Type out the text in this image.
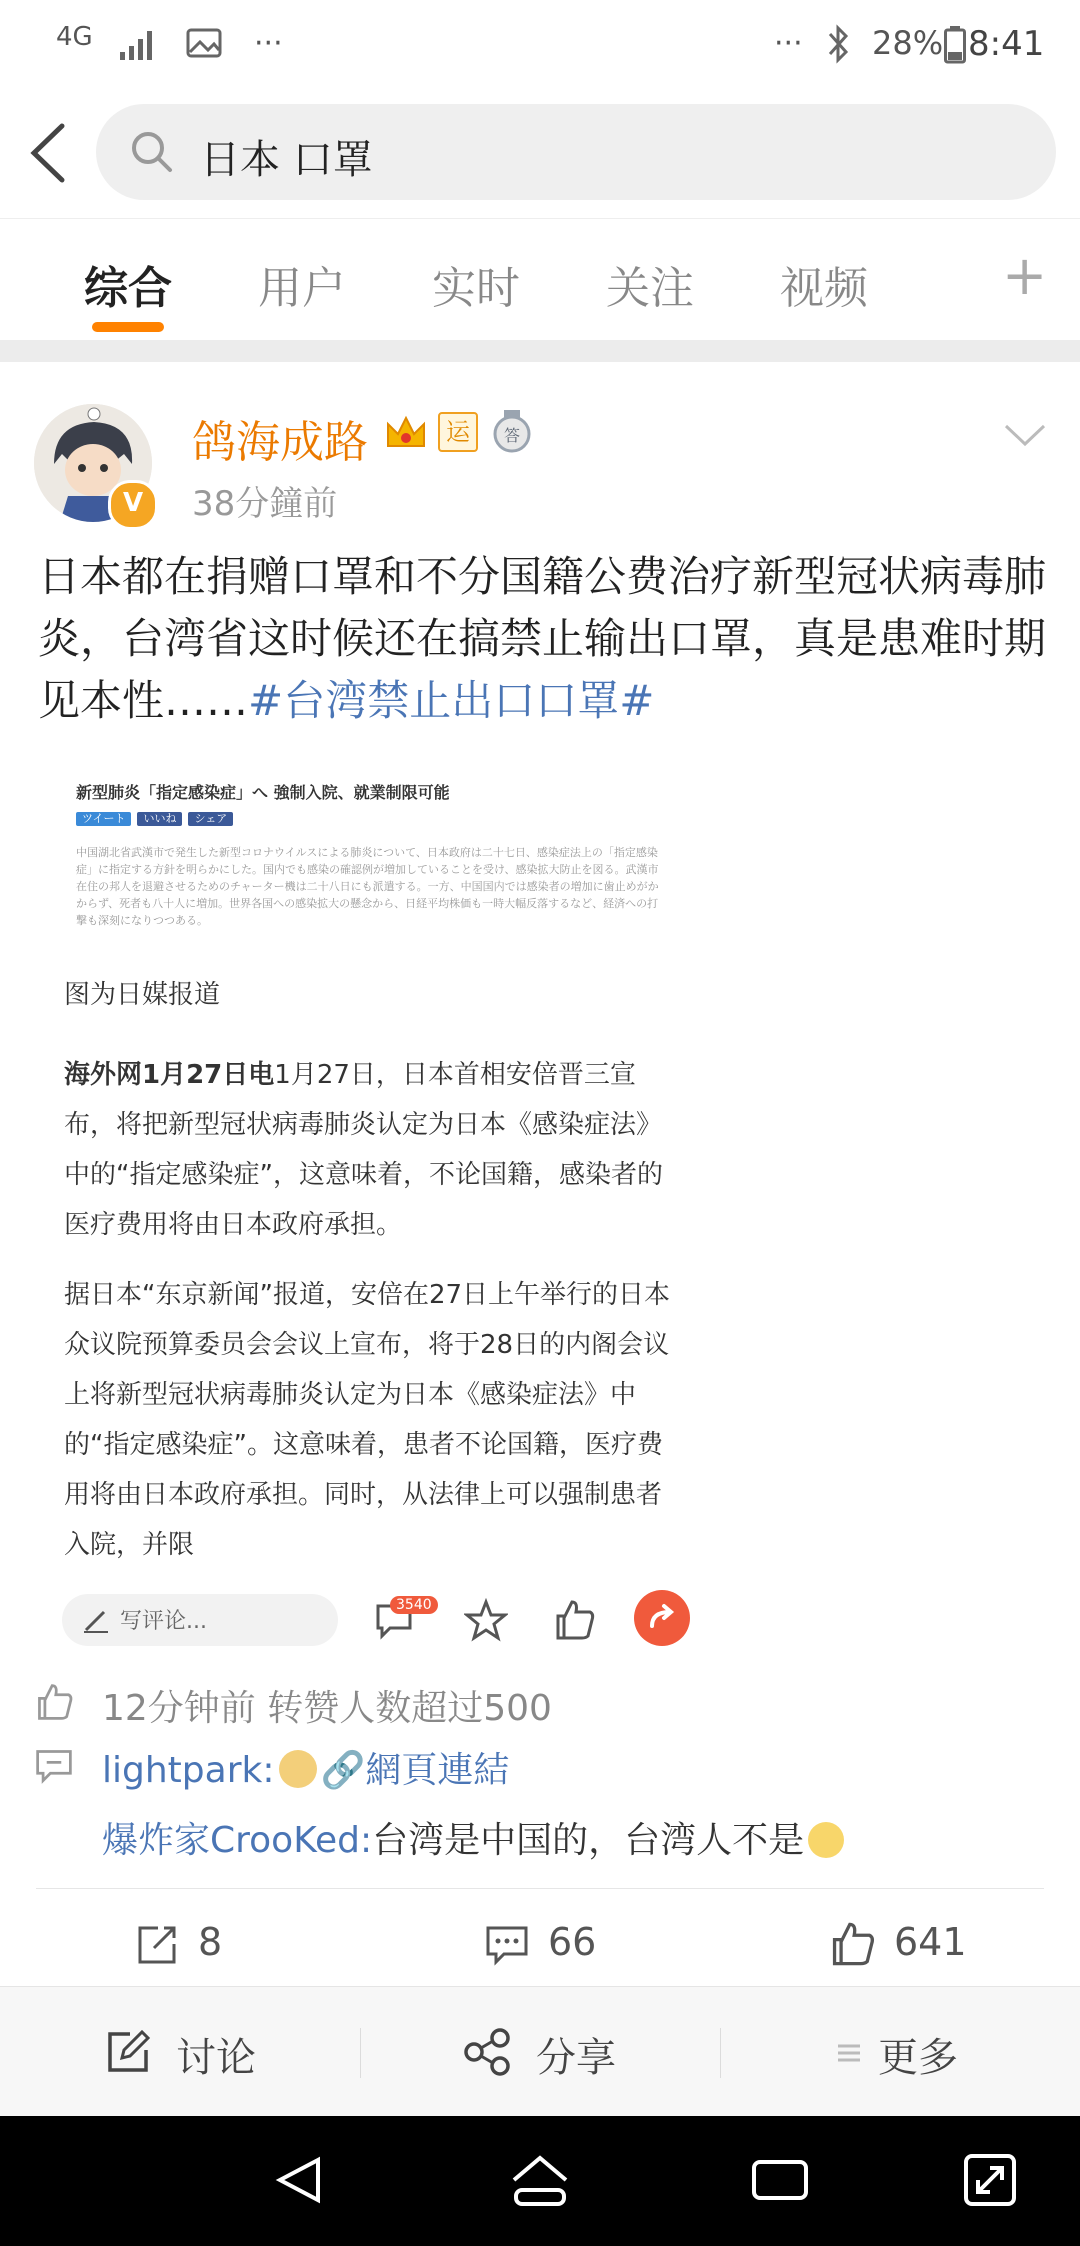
4G	···	··· 28% 8:41
日本 口罩
综合 用户 实时 关注 视频 +
V
鸽海成路	运	答
38分鐘前
日本都在捐赠口罩和不分国籍公费治疗新型冠状病毒肺炎，台湾省这时候还在搞禁止输出口罩，真是患难时期见本性……#台湾禁止出口口罩#
新型肺炎「指定感染症」へ 強制入院、就業制限可能
ツイート いいね シェア
中国湖北省武漢市で発生した新型コロナウイルスによる肺炎について、日本政府は二十七日、感染症法上の「指定感染症」に指定する方針を明らかにした。国内でも感染の確認例が増加していることを受け、感染拡大防止を図る。武漢市在住の邦人を退避させるためのチャーター機は二十八日にも派遣する。一方、中国国内では感染者の増加に歯止めがかからず、死者も八十人に増加。世界各国への感染拡大の懸念から、日経平均株価も一時大幅反落するなど、経済への打撃も深刻になりつつある。
图为日媒报道
海外网1月27日电1月27日，日本首相安倍晋三宣布，将把新型冠状病毒肺炎认定为日本《感染症法》中的“指定感染症”，这意味着，不论国籍，感染者的医疗费用将由日本政府承担。
据日本“东京新闻”报道，安倍在27日上午举行的日本众议院预算委员会会议上宣布，将于28日的内阁会议上将新型冠状病毒肺炎认定为日本《感染症法》中的“指定感染症”。这意味着，患者不论国籍，医疗费用将由日本政府承担。同时，从法律上可以强制患者入院，并限
写评论...
3540
12分钟前 转赞人数超过500
lightpark: 🔗網頁連結
爆炸家CrooKed:台湾是中国的，台湾人不是
8	66	641
讨论	分享	更多
